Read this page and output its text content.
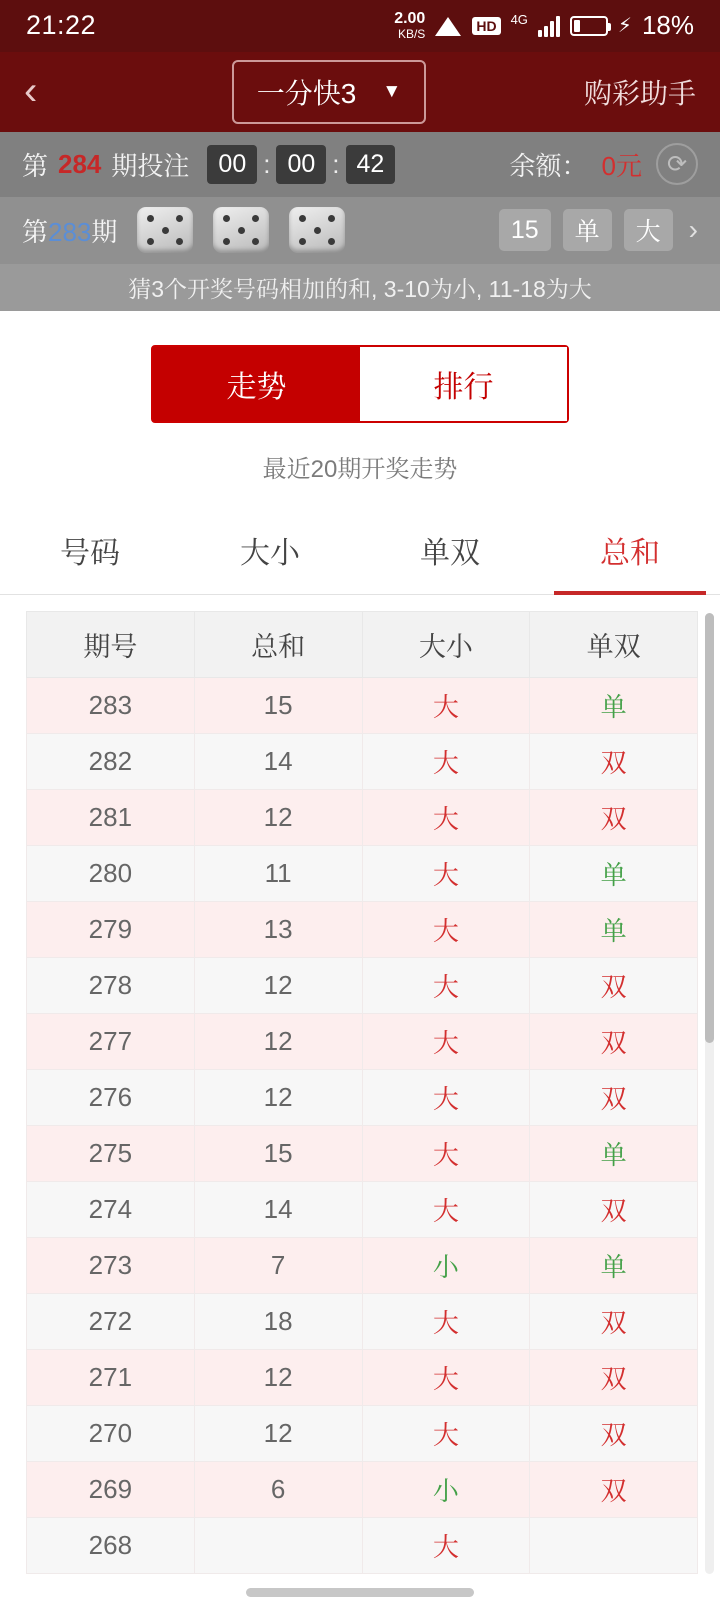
21:22	2.00
KB/S
HD	4G	⚡ 18%
‹	一分快3 ▼	购彩助手
第 284 期投注	00 : 00 : 42	余额： 0元	⟳
第283期	15	单	大	›
猜3个开奖号码相加的和, 3-10为小, 11-18为大
走势	排行
最近20期开奖走势
号码	大小	单双	总和
期号	总和	大小	单双
283	15	大	单
282	14	大	双
281	12	大	双
280	11	大	单
279	13	大	单
278	12	大	双
277	12	大	双
276	12	大	双
275	15	大	单
274	14	大	双
273	7	小	单
272	18	大	双
271	12	大	双
270	12	大	双
269	6	小	双
268		大	
